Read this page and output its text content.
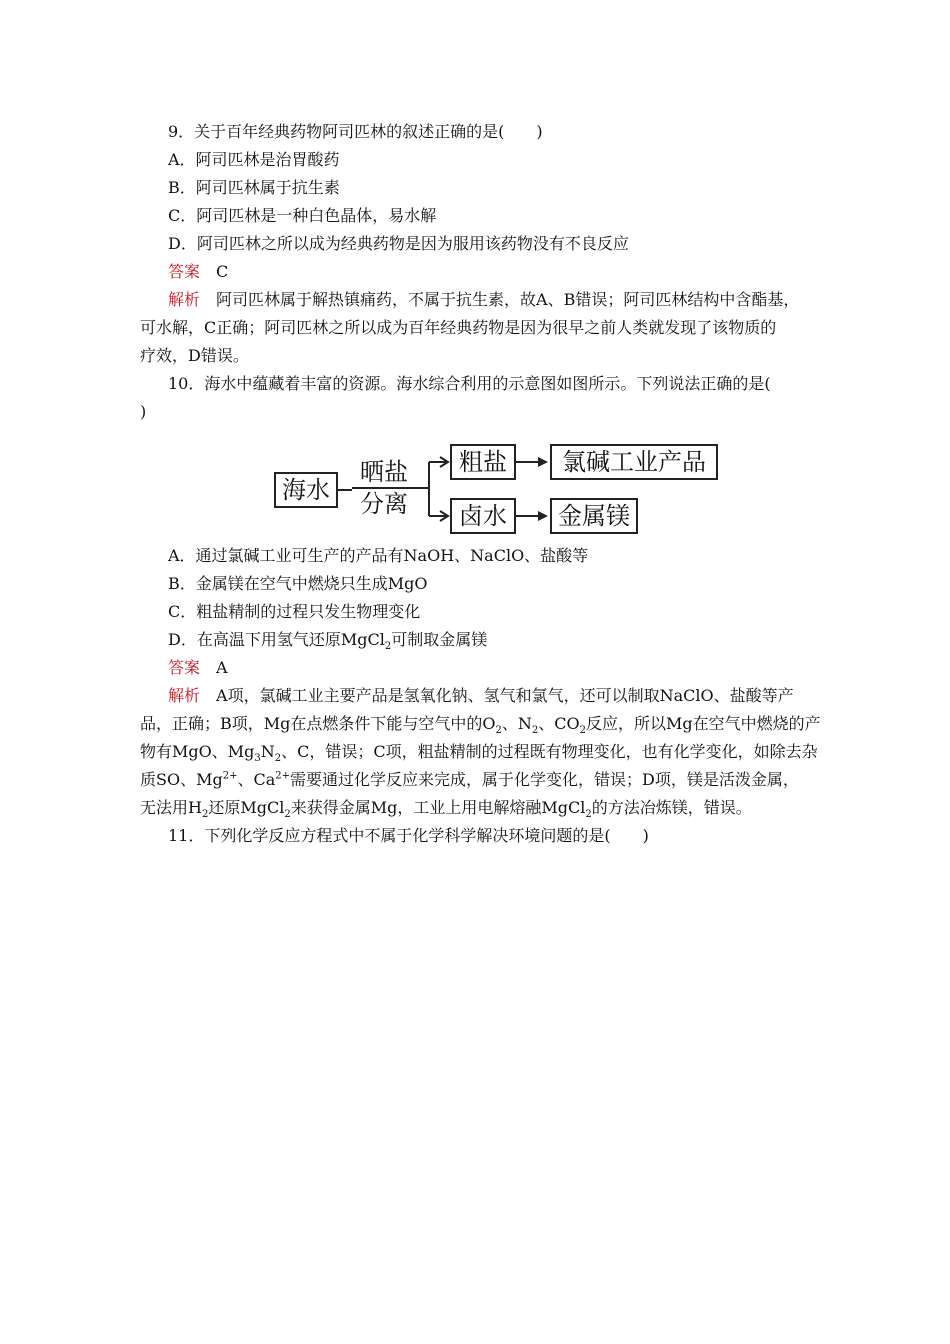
9．关于百年经典药物阿司匹林的叙述正确的是(　　)
A．阿司匹林是治胃酸药
B．阿司匹林属于抗生素
C．阿司匹林是一种白色晶体，易水解
D．阿司匹林之所以成为经典药物是因为服用该药物没有不良反应
答案 C
解析 阿司匹林属于解热镇痛药，不属于抗生素，故A、B错误；阿司匹林结构中含酯基，
可水解，C正确；阿司匹林之所以成为百年经典药物是因为很早之前人类就发现了该物质的
疗效，D错误。
10．海水中蕴藏着丰富的资源。海水综合利用的示意图如图所示。下列说法正确的是(
)
海水
晒盐
分离
粗盐	氯碱工业产品
卤水	金属镁
A．通过氯碱工业可生产的产品有NaOH、NaClO、盐酸等
B．金属镁在空气中燃烧只生成MgO
C．粗盐精制的过程只发生物理变化
D．在高温下用氢气还原MgCl$_2$可制取金属镁
答案 A
解析 A项，氯碱工业主要产品是氢氧化钠、氢气和氯气，还可以制取NaClO、盐酸等产
品，正确；B项，Mg在点燃条件下能与空气中的$O_2$、$N_2$、$CO_2$反应，所以Mg在空气中燃烧的产
物有MgO、$Mg_3N_2$、C，错误；C项，粗盐精制的过程既有物理变化，也有化学变化，如除去杂
质SO、$Mg^{2+}$、$Ca^{2+}$需要通过化学反应来完成，属于化学变化，错误；D项，镁是活泼金属，
无法用$H_2$还原MgCl$_2$来获得金属Mg，工业上用电解熔融MgCl$_2$的方法冶炼镁，错误。
11．下列化学反应方程式中不属于化学科学解决环境问题的是(　　)
